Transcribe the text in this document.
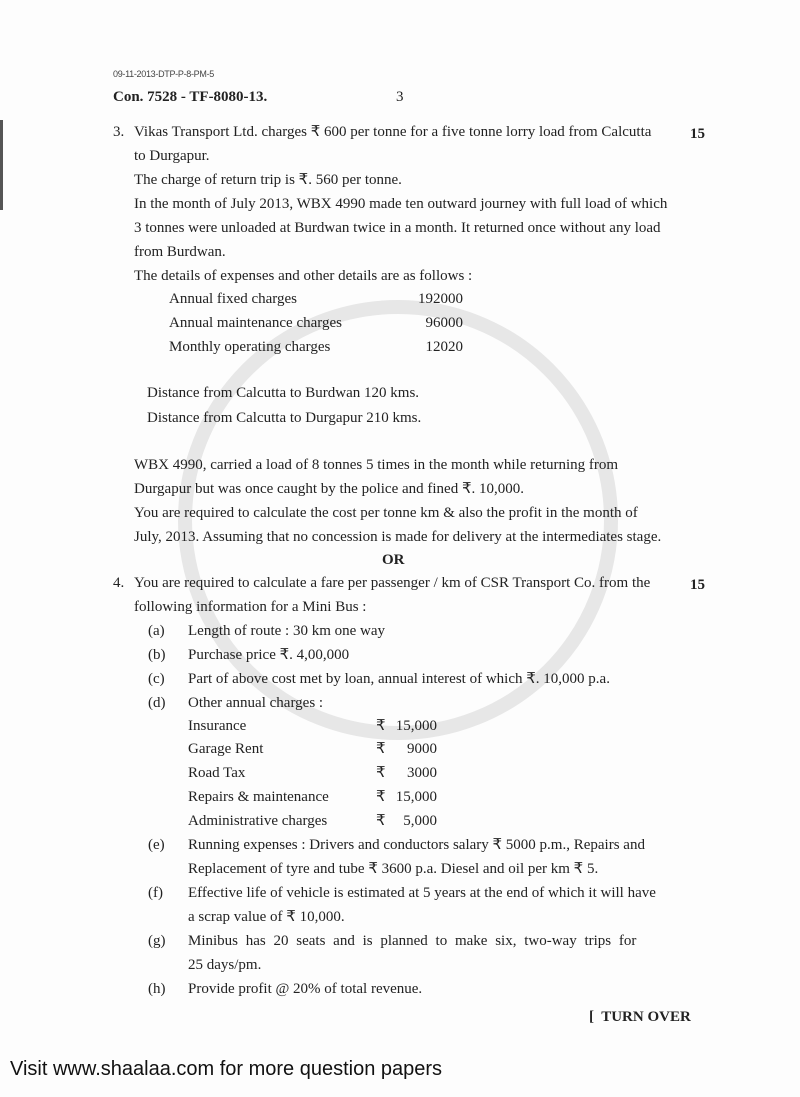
09-11-2013-DTP-P-8-PM-5
Con. 7528 - TF-8080-13.	3
3.	15
Vikas Transport Ltd. charges ₹ 600 per tonne for a five tonne lorry load from Calcutta
to Durgapur.
The charge of return trip is ₹. 560 per tonne.
In the month of July 2013, WBX 4990 made ten outward journey with full load of which
3 tonnes were unloaded at Burdwan twice in a month. It returned once without any load
from Burdwan.
The details of expenses and other details are as follows :
Annual fixed charges	192000
Annual maintenance charges	96000
Monthly operating charges	12020
Distance from Calcutta to Burdwan 120 kms.
Distance from Calcutta to Durgapur 210 kms.
WBX 4990, carried a load of 8 tonnes 5 times in the month while returning from
Durgapur but was once caught by the police and fined ₹. 10,000.
You are required to calculate the cost per tonne km & also the profit in the month of
July, 2013. Assuming that no concession is made for delivery at the intermediates stage.
OR
4.	15
You are required to calculate a fare per passenger / km of CSR Transport Co. from the
following information for a Mini Bus :
(a) Length of route : 30 km one way
(b) Purchase price ₹. 4,00,000
(c) Part of above cost met by loan, annual interest of which ₹. 10,000 p.a.
(d) Other annual charges :
Insurance	₹ 15,000
Garage Rent	₹	9000
Road Tax	₹	3000
Repairs & maintenance	₹ 15,000
Administrative charges	₹	5,000
(e) Running expenses : Drivers and conductors salary ₹ 5000 p.m., Repairs and
Replacement of tyre and tube ₹ 3600 p.a. Diesel and oil per km ₹ 5.
(f) Effective life of vehicle is estimated at 5 years at the end of which it will have
a scrap value of ₹ 10,000.
(g) Minibus has 20 seats and is planned to make six, two-way trips for
25 days/pm.
(h) Provide profit @ 20% of total revenue.
[  TURN OVER
Visit www.shaalaa.com for more question papers
